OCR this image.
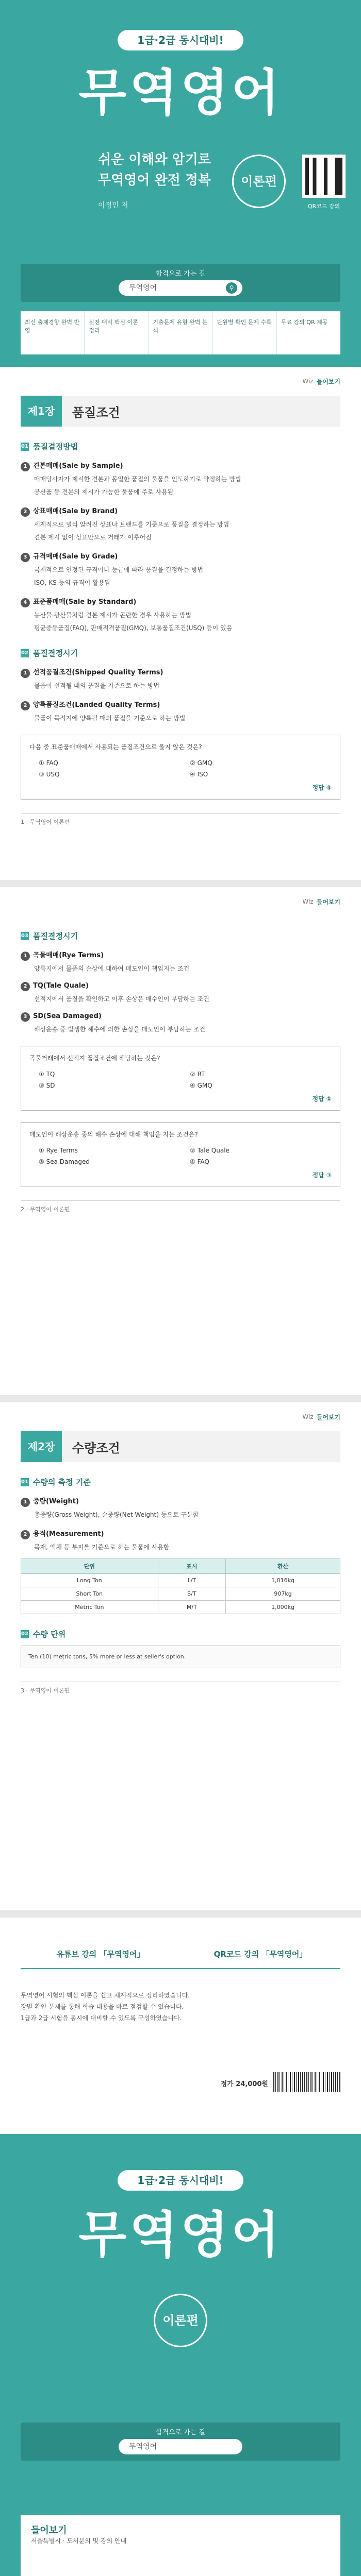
1급·2급 동시대비!
무역영어
쉬운 이해와 암기로
무역영어 완전 정복	이론편
이정민 저	QR코드 강의
합격으로 가는 길
무역영어	⚲
최신 출제경향 완벽 반영
실전 대비 핵심 이론 정리
기출문제 유형 완벽 분석
단원별 확인 문제 수록	무료 강의 QR 제공
Wiz 들어보기
제1장	품질조건
01 품질결정방법
1 견본매매(Sale by Sample)
매매당사자가 제시한 견본과 동일한 품질의 물품을 인도하기로 약정하는 방법
공산품 등 견본의 제시가 가능한 물품에 주로 사용됨
2 상표매매(Sale by Brand)
세계적으로 널리 알려진 상표나 브랜드를 기준으로 품질을 결정하는 방법
견본 제시 없이 상표만으로 거래가 이루어짐
3 규격매매(Sale by Grade)
국제적으로 인정된 규격이나 등급에 따라 품질을 결정하는 방법
ISO, KS 등의 규격이 활용됨
4 표준품매매(Sale by Standard)
농산물·광산물처럼 견본 제시가 곤란한 경우 사용하는 방법
평균중등품질(FAQ), 판매적격품질(GMQ), 보통품질조건(USQ) 등이 있음
02 품질결정시기
1 선적품질조건(Shipped Quality Terms)
물품이 선적될 때의 품질을 기준으로 하는 방법
2 양륙품질조건(Landed Quality Terms)
물품이 목적지에 양륙될 때의 품질을 기준으로 하는 방법
다음 중 표준품매매에서 사용되는 품질조건으로 옳지 않은 것은?
① FAQ	② GMQ
③ USQ	④ ISO
정답 ④
1 · 무역영어 이론편
Wiz 들어보기
03 품질결정시기
1 곡물매매(Rye Terms)
양륙지에서 물품의 손상에 대하여 매도인이 책임지는 조건
2 TQ(Tale Quale)
선적지에서 품질을 확인하고 이후 손상은 매수인이 부담하는 조건
3 SD(Sea Damaged)
해상운송 중 발생한 해수에 의한 손상을 매도인이 부담하는 조건
곡물거래에서 선적지 품질조건에 해당하는 것은?
① TQ	② RT
③ SD	④ GMQ
정답 ①
매도인이 해상운송 중의 해수 손상에 대해 책임을 지는 조건은?
① Rye Terms	② Tale Quale
③ Sea Damaged	④ FAQ
정답 ③
2 · 무역영어 이론편
Wiz 들어보기
제2장	수량조건
01 수량의 측정 기준
1 중량(Weight)
총중량(Gross Weight), 순중량(Net Weight) 등으로 구분함
2 용적(Measurement)
목재, 액체 등 부피를 기준으로 하는 물품에 사용함
단위	표시	환산
Long Ton	L/T	1,016kg
Short Ton	S/T	907kg
Metric Ton	M/T	1,000kg
02 수량 단위
Ten (10) metric tons, 5% more or less at seller's option.
3 · 무역영어 이론편
유튜브 강의 「무역영어」	QR코드 강의 「무역영어」
무역영어 시험의 핵심 이론을 쉽고 체계적으로 정리하였습니다.
장별 확인 문제를 통해 학습 내용을 바로 점검할 수 있습니다.
1급과 2급 시험을 동시에 대비할 수 있도록 구성하였습니다.
정가 24,000원
1급·2급 동시대비!
무역영어
이론편
합격으로 가는 길
무역영어
들어보기
서울특별시 · 도서문의 및 강의 안내
